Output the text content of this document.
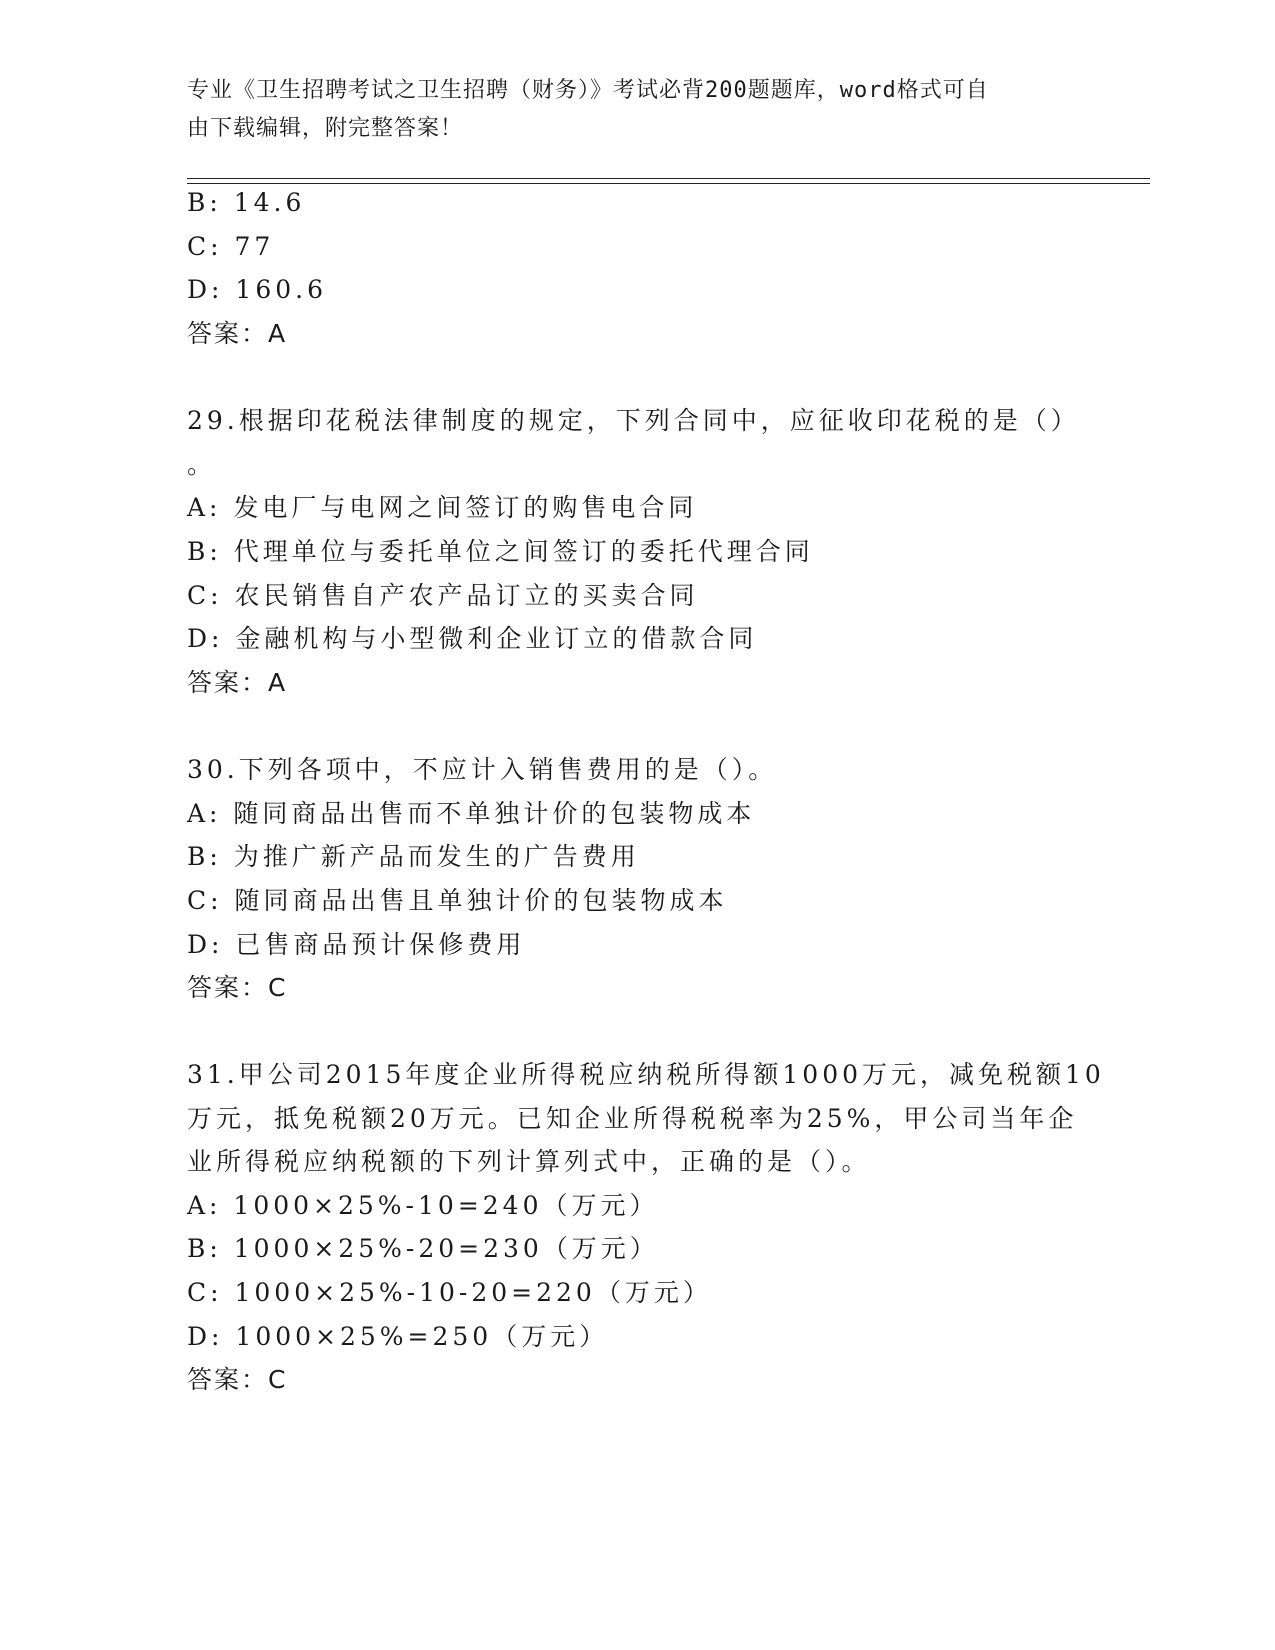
专业《卫生招聘考试之卫生招聘（财务）》考试必背200题题库，word格式可自
由下载编辑，附完整答案！
B: 14.6
C: 77
D: 160.6
答案：A
29.根据印花税法律制度的规定，下列合同中，应征收印花税的是（）
。
A: 发电厂与电网之间签订的购售电合同
B: 代理单位与委托单位之间签订的委托代理合同
C: 农民销售自产农产品订立的买卖合同
D: 金融机构与小型微利企业订立的借款合同
答案：A
30.下列各项中，不应计入销售费用的是（）。
A: 随同商品出售而不单独计价的包装物成本
B: 为推广新产品而发生的广告费用
C: 随同商品出售且单独计价的包装物成本
D: 已售商品预计保修费用
答案：C
31.甲公司2015年度企业所得税应纳税所得额1000万元，减免税额10
万元，抵免税额20万元。已知企业所得税税率为25%，甲公司当年企
业所得税应纳税额的下列计算列式中，正确的是（）。
A: 1000×25%-10=240（万元）
B: 1000×25%-20=230（万元）
C: 1000×25%-10-20=220（万元）
D: 1000×25%=250（万元）
答案：C
